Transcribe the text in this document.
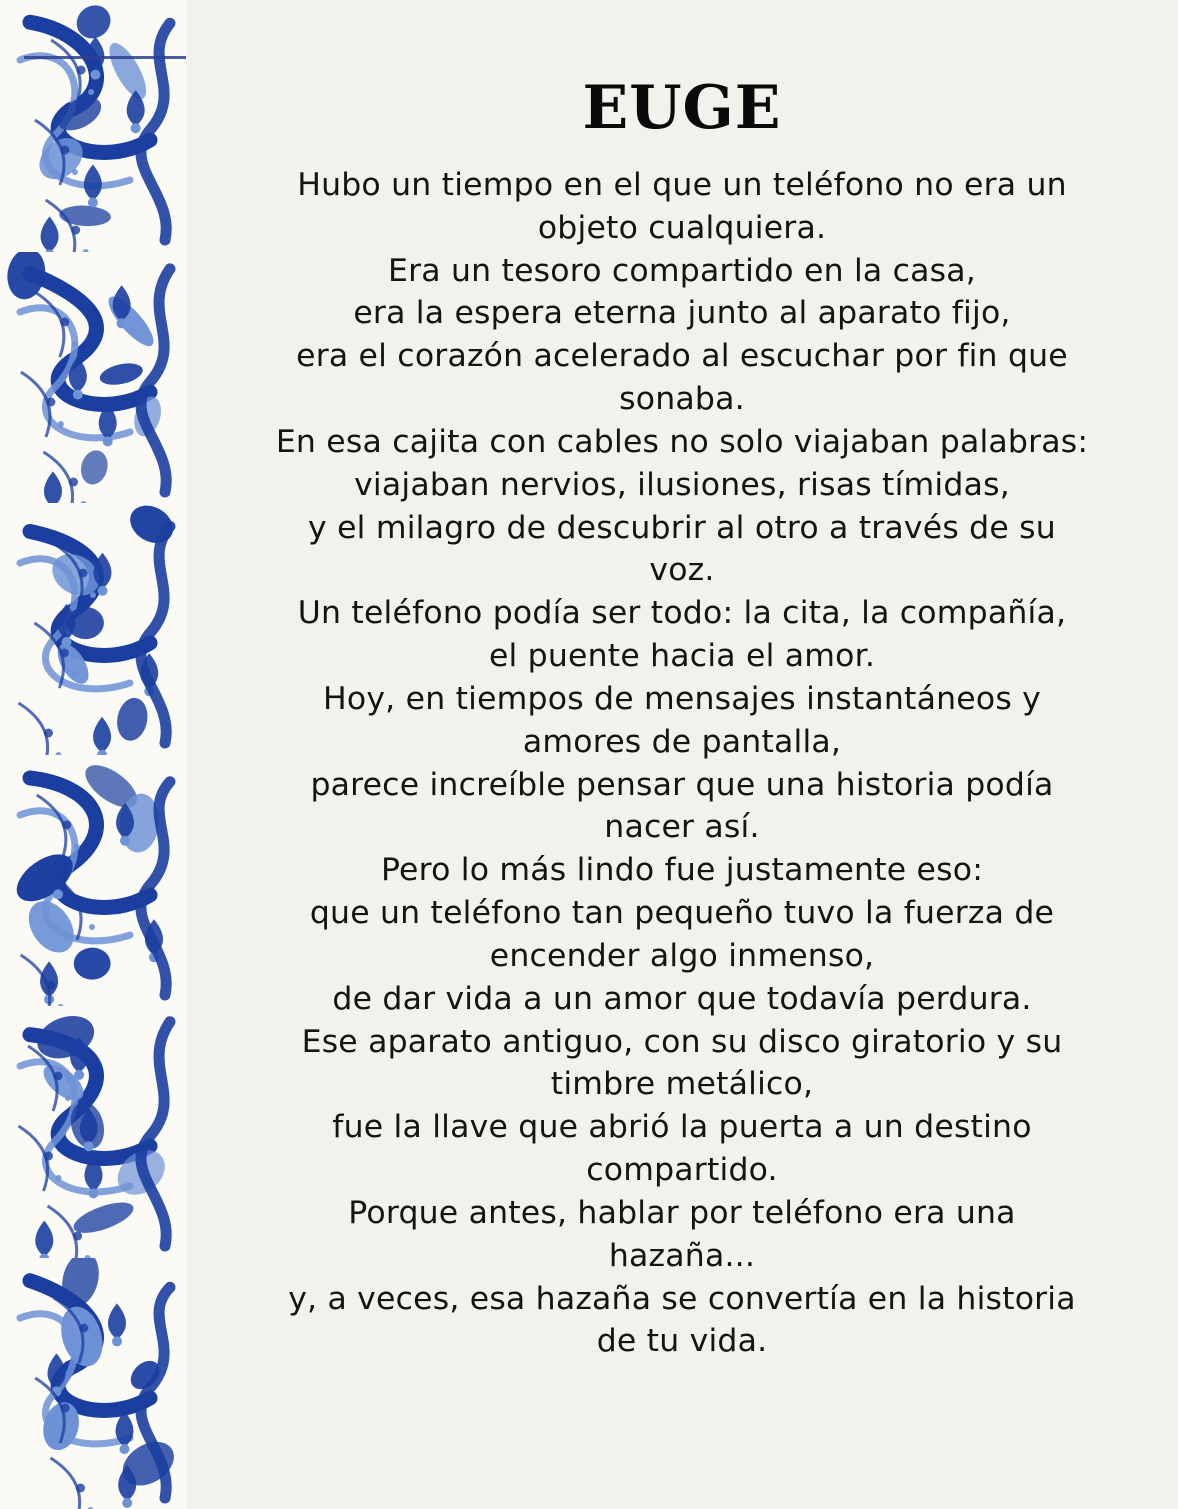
EUGE
Hubo un tiempo en el que un teléfono no era un
objeto cualquiera.
Era un tesoro compartido en la casa,
era la espera eterna junto al aparato fijo,
era el corazón acelerado al escuchar por fin que
sonaba.
En esa cajita con cables no solo viajaban palabras:
viajaban nervios, ilusiones, risas tímidas,
y el milagro de descubrir al otro a través de su
voz.
Un teléfono podía ser todo: la cita, la compañía,
el puente hacia el amor.
Hoy, en tiempos de mensajes instantáneos y
amores de pantalla,
parece increíble pensar que una historia podía
nacer así.
Pero lo más lindo fue justamente eso:
que un teléfono tan pequeño tuvo la fuerza de
encender algo inmenso,
de dar vida a un amor que todavía perdura.
Ese aparato antiguo, con su disco giratorio y su
timbre metálico,
fue la llave que abrió la puerta a un destino
compartido.
Porque antes, hablar por teléfono era una
hazaña...
y, a veces, esa hazaña se convertía en la historia
de tu vida.
